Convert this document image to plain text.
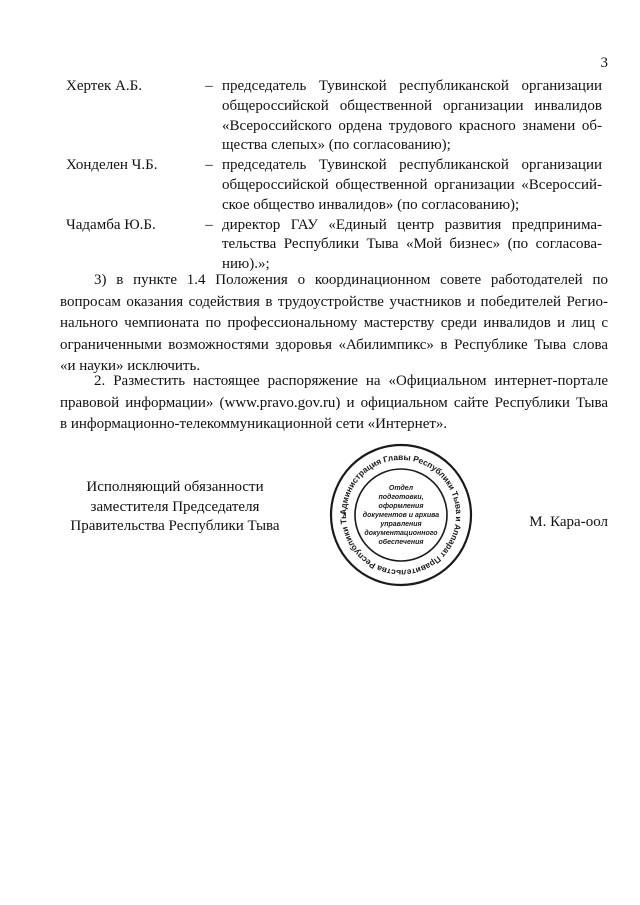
3
Хертек А.Б.	– председатель Тувинской республиканской организации
общероссийской общественной организации инвалидов
«Всероссийского ордена трудового красного знамени об-
щества слепых» (по согласованию);
Хонделен Ч.Б.	– председатель Тувинской республиканской организации
общероссийской общественной организации «Всероссий-
ское общество инвалидов» (по согласованию);
Чадамба Ю.Б.	– директор ГАУ «Единый центр развития предпринима-
тельства Республики Тыва «Мой бизнес» (по согласова-
нию).»;
3) в пункте 1.4 Положения о координационном совете работодателей по
вопросам оказания содействия в трудоустройстве участников и победителей Регио-
нального чемпионата по профессиональному мастерству среди инвалидов и лиц с
ограниченными возможностями здоровья «Абилимпикс» в Республике Тыва слова
«и науки» исключить.
2. Разместить настоящее распоряжение на «Официальном интернет-портале
правовой информации» (www.pravo.gov.ru) и официальном сайте Республики Тыва
в информационно-телекоммуникационной сети «Интернет».
Исполняющий обязанности
заместителя Председателя
Правительства Республики Тыва
Администрация Главы Республики Тыва и Аппарат Правительства Республики Ты
Отдел
подготовки,
оформления
документов и архива
управления
документационного
обеспечения
М. Кара-оол
